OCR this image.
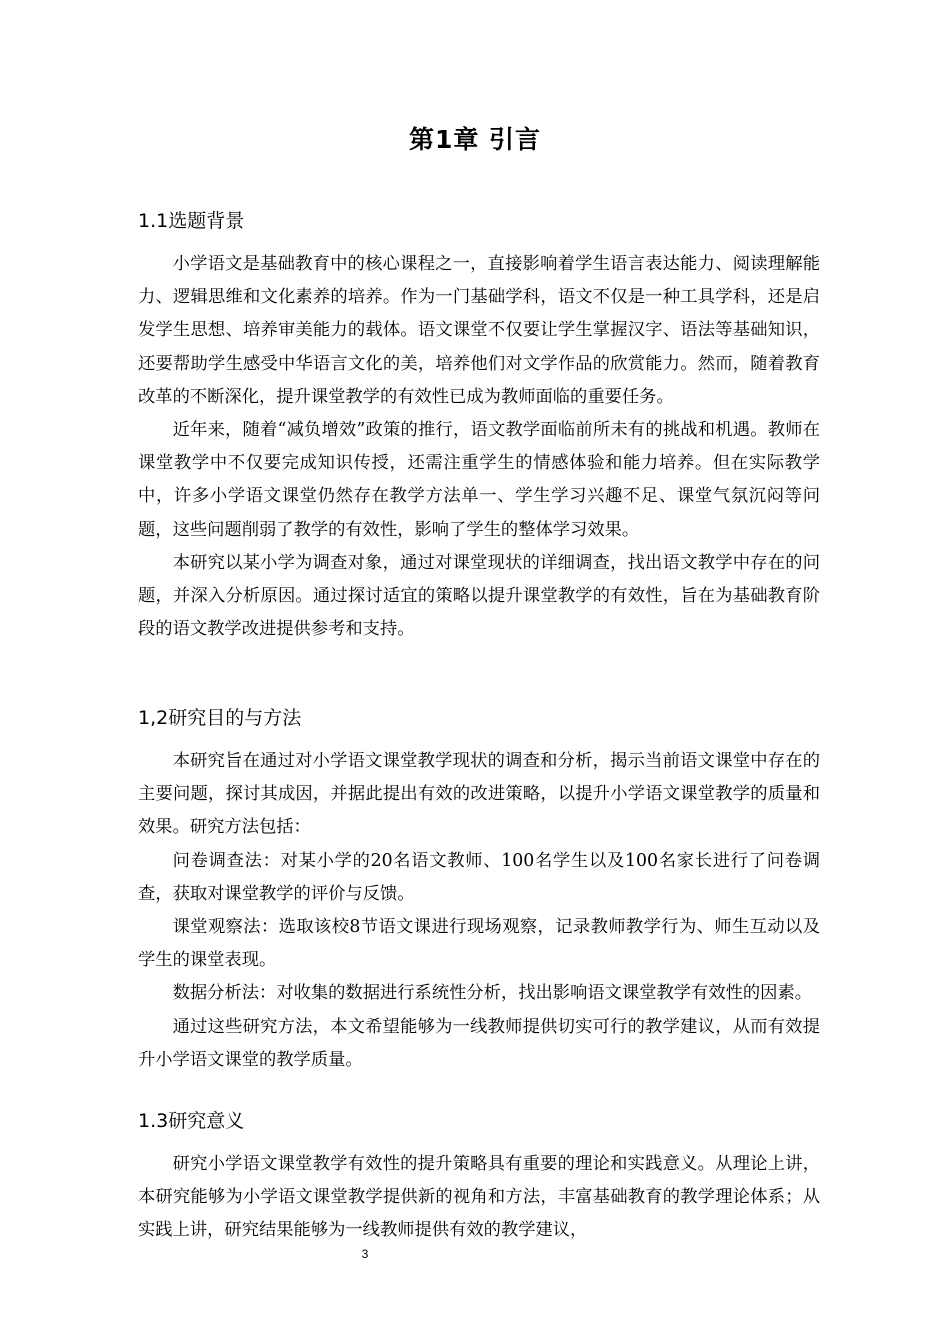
第1章 引言
1.1选题背景

小学语文是基础教育中的核心课程之一，直接影响着学生语言表达能力、阅读理解能力、逻辑思维和文化素养的培养。作为一门基础学科，语文不仅是一种工具学科，还是启发学生思想、培养审美能力的载体。语文课堂不仅要让学生掌握汉字、语法等基础知识，还要帮助学生感受中华语言文化的美，培养他们对文学作品的欣赏能力。然而，随着教育改革的不断深化，提升课堂教学的有效性已成为教师面临的重要任务。

近年来，随着“减负增效”政策的推行，语文教学面临前所未有的挑战和机遇。教师在课堂教学中不仅要完成知识传授，还需注重学生的情感体验和能力培养。但在实际教学中，许多小学语文课堂仍然存在教学方法单一、学生学习兴趣不足、课堂气氛沉闷等问题，这些问题削弱了教学的有效性，影响了学生的整体学习效果。

本研究以某小学为调查对象，通过对课堂现状的详细调查，找出语文教学中存在的问题，并深入分析原因。通过探讨适宜的策略以提升课堂教学的有效性，旨在为基础教育阶段的语文教学改进提供参考和支持。

1,2研究目的与方法

本研究旨在通过对小学语文课堂教学现状的调查和分析，揭示当前语文课堂中存在的主要问题，探讨其成因，并据此提出有效的改进策略，以提升小学语文课堂教学的质量和效果。研究方法包括：

问卷调查法：对某小学的20名语文教师、100名学生以及100名家长进行了问卷调查，获取对课堂教学的评价与反馈。

课堂观察法：选取该校8节语文课进行现场观察，记录教师教学行为、师生互动以及学生的课堂表现。

数据分析法：对收集的数据进行系统性分析，找出影响语文课堂教学有效性的因素。

通过这些研究方法，本文希望能够为一线教师提供切实可行的教学建议，从而有效提升小学语文课堂的教学质量。

1.3研究意义

研究小学语文课堂教学有效性的提升策略具有重要的理论和实践意义。从理论上讲，本研究能够为小学语文课堂教学提供新的视角和方法，丰富基础教育的教学理论体系；从实践上讲，研究结果能够为一线教师提供有效的教学建议，

3
